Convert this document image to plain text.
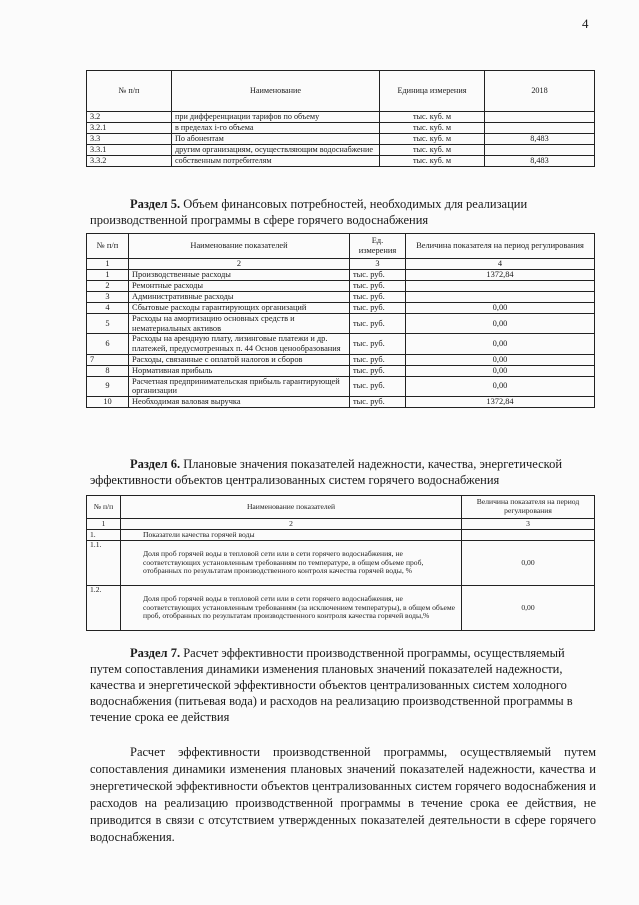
4
№ п/п	Наименование	Единица измерения	2018
3.2	при дифференциации тарифов по объему	тыс. куб. м	
3.2.1	в пределах i-го объема	тыс. куб. м	
3.3	По абонентам	тыс. куб. м	8,483
3.3.1	другим организациям, осуществляющим водоснабжение	тыс. куб. м	
3.3.2	собственным потребителям	тыс. куб. м	8,483
Раздел 5. Объем финансовых потребностей, необходимых для реализации производственной программы в сфере горячего водоснабжения
№ п/п	Наименование показателей	Ед. измерения	Величина показателя на период регулирования
1	2	3	4
1	Производственные расходы	тыс. руб.	1372,84
2	Ремонтные расходы	тыс. руб.	
3	Административные расходы	тыс. руб.	
4	Сбытовые расходы гарантирующих организаций	тыс. руб.	0,00
5	Расходы на амортизацию основных средств и нематериальных активов	тыс. руб.	0,00
6	Расходы на арендную плату, лизинговые платежи и др. платежей, предусмотренных п. 44 Основ ценообразования	тыс. руб.	0,00
7	Расходы, связанные с оплатой налогов и сборов	тыс. руб.	0,00
8	Нормативная прибыль	тыс. руб.	0,00
9	Расчетная предпринимательская прибыль гарантирующей организации	тыс. руб.	0,00
10	Необходимая валовая выручка	тыс. руб.	1372,84
Раздел 6. Плановые значения показателей надежности, качества, энергетической эффективности объектов централизованных систем горячего водоснабжения
№ п/п	Наименование показателей	Величина показателя на период регулирования
1	2	3
1.	Показатели качества горячей воды	
1.1.	Доля проб горячей воды в тепловой сети или в сети горячего водоснабжения, не соответствующих установленным требованиям по температуре, в общем объеме проб, отобранных по результатам производственного контроля качества горячей воды, %	0,00
1.2.	Доля проб горячей воды в тепловой сети или в сети горячего водоснабжения, не соответствующих установленным требованиям (за исключением температуры), в общем объеме проб, отобранных по результатам производственного контроля качества горячей воды,%	0,00
Раздел 7. Расчет эффективности производственной программы, осуществляемый путем сопоставления динамики изменения плановых значений показателей надежности, качества и энергетической эффективности объектов централизованных систем холодного водоснабжения (питьевая вода) и расходов на реализацию производственной программы в течение срока ее действия
Расчет эффективности производственной программы, осуществляемый путем сопоставления динамики изменения плановых значений показателей надежности, качества и энергетической эффективности объектов централизованных систем горячего водоснабжения и расходов на реализацию производственной программы в течение срока ее действия, не приводится в связи с отсутствием утвержденных показателей деятельности в сфере горячего водоснабжения.
